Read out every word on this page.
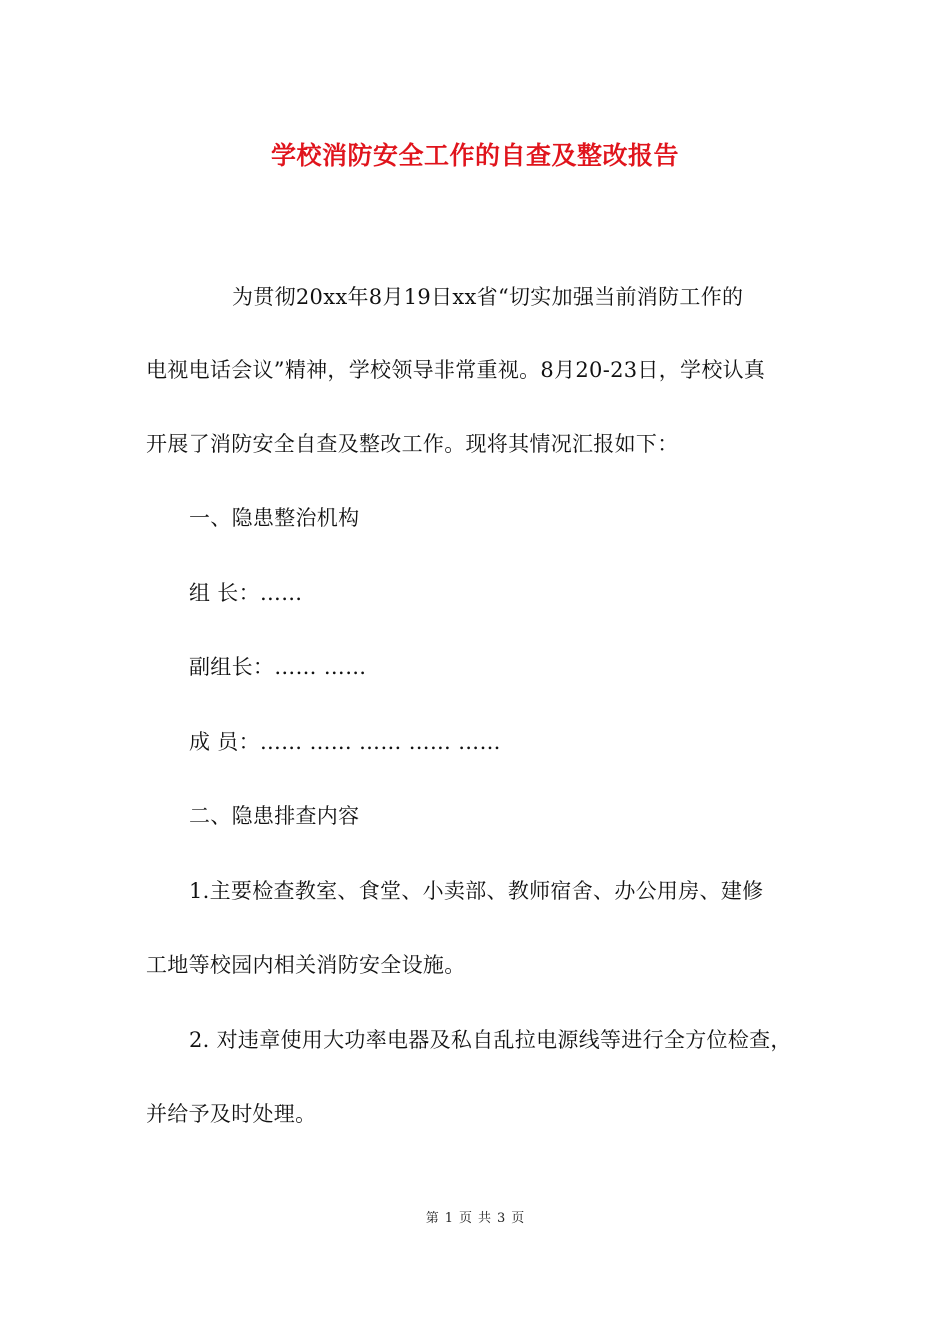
学校消防安全工作的自查及整改报告
为贯彻20xx年8月19日xx省“切实加强当前消防工作的
电视电话会议”精神，学校领导非常重视。8月20-23日，学校认真
开展了消防安全自查及整改工作。现将其情况汇报如下：
一、隐患整治机构
组 长：……
副组长：…… ……
成 员：…… …… …… …… ……
二、隐患排查内容
1.主要检查教室、食堂、小卖部、教师宿舍、办公用房、建修
工地等校园内相关消防安全设施。
2. 对违章使用大功率电器及私自乱拉电源线等进行全方位检查，
并给予及时处理。
第 1 页 共 3 页
